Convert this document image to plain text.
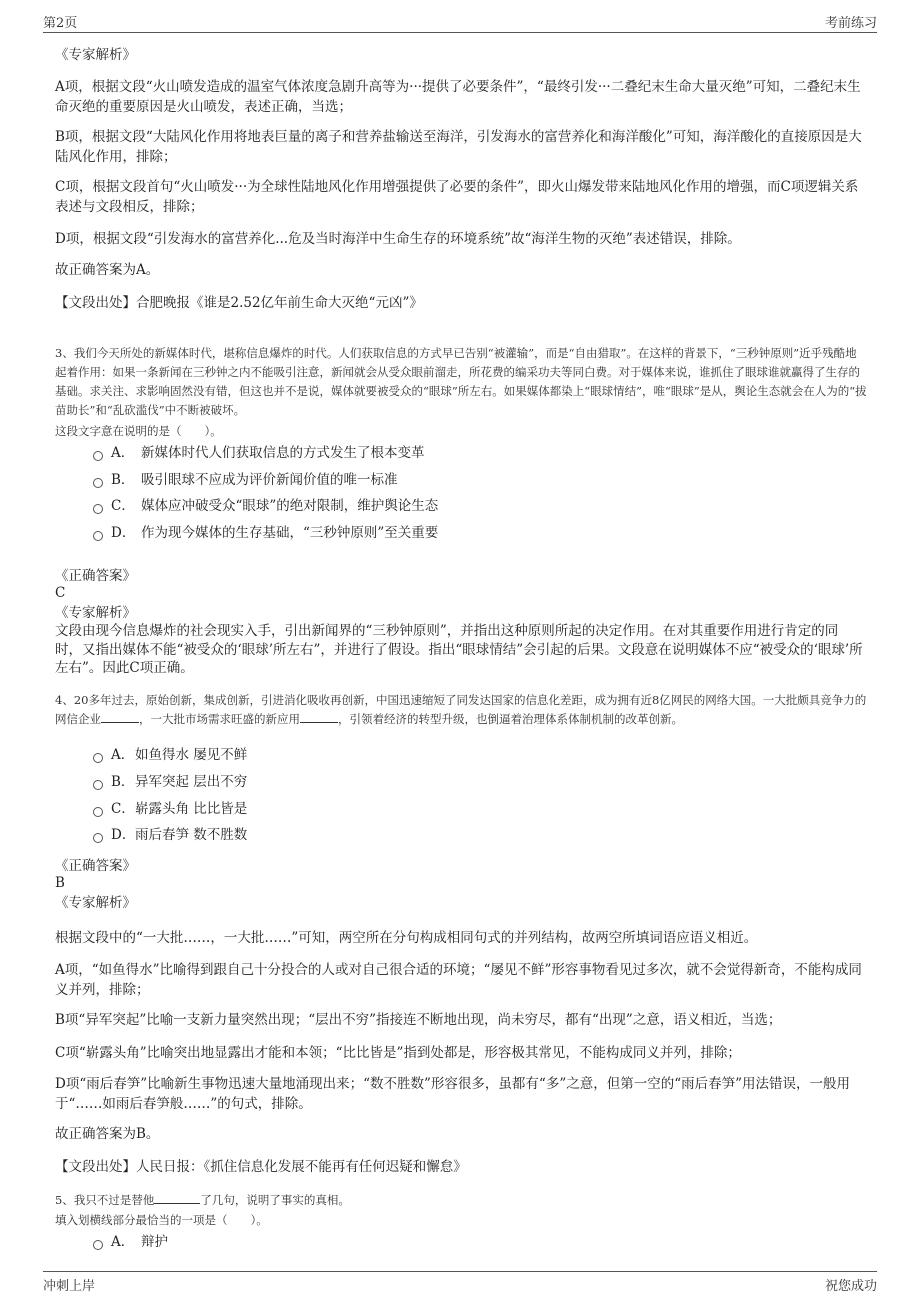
第2页	考前练习
《专家解析》
A项，根据文段“火山喷发造成的温室气体浓度急剧升高等为···提供了必要条件”，“最终引发···二叠纪末生命大量灭绝”可知，二叠纪末生命灭绝的重要原因是火山喷发，表述正确，当选；
B项，根据文段“大陆风化作用将地表巨量的离子和营养盐输送至海洋，引发海水的富营养化和海洋酸化”可知，海洋酸化的直接原因是大陆风化作用，排除；
C项，根据文段首句“火山喷发···为全球性陆地风化作用增强提供了必要的条件”，即火山爆发带来陆地风化作用的增强，而C项逻辑关系表述与文段相反，排除；
D项，根据文段“引发海水的富营养化...危及当时海洋中生命生存的环境系统”故“海洋生物的灭绝”表述错误，排除。
故正确答案为A。
【文段出处】合肥晚报《谁是2.52亿年前生命大灭绝“元凶”》
3、我们今天所处的新媒体时代，堪称信息爆炸的时代。人们获取信息的方式早已告别“被灌输”，而是“自由猎取”。在这样的背景下，“三秒钟原则”近乎残酷地起着作用：如果一条新闻在三秒钟之内不能吸引注意，新闻就会从受众眼前溜走，所花费的编采功夫等同白费。对于媒体来说，谁抓住了眼球谁就赢得了生存的基础。求关注、求影响固然没有错，但这也并不是说，媒体就要被受众的“眼球”所左右。如果媒体都染上“眼球情结”，唯“眼球”是从，舆论生态就会在人为的“拔苗助长”和“乱砍滥伐”中不断被破坏。
这段文字意在说明的是（　　）。
A． 新媒体时代人们获取信息的方式发生了根本变革
B． 吸引眼球不应成为评价新闻价值的唯一标准
C． 媒体应冲破受众“眼球”的绝对限制，维护舆论生态
D． 作为现今媒体的生存基础，“三秒钟原则”至关重要
《正确答案》
C
《专家解析》
文段由现今信息爆炸的社会现实入手，引出新闻界的“三秒钟原则”，并指出这种原则所起的决定作用。在对其重要作用进行肯定的同时，又指出媒体不能“被受众的‘眼球’所左右”，并进行了假设。指出“眼球情结”会引起的后果。文段意在说明媒体不应“被受众的‘眼球’所左右”。因此C项正确。
4、20多年过去，原始创新，集成创新，引进消化吸收再创新，中国迅速缩短了同发达国家的信息化差距，成为拥有近8亿网民的网络大国。一大批颇具竞争力的网信企业	，一大批市场需求旺盛的新应用	，引领着经济的转型升级，也倒逼着治理体系体制机制的改革创新。
A． 如鱼得水 屡见不鲜
B． 异军突起 层出不穷
C． 崭露头角 比比皆是
D． 雨后春笋 数不胜数
《正确答案》
B
《专家解析》
根据文段中的“一大批……，一大批……”可知，两空所在分句构成相同句式的并列结构，故两空所填词语应语义相近。
A项，“如鱼得水”比喻得到跟自己十分投合的人或对自己很合适的环境；“屡见不鲜”形容事物看见过多次，就不会觉得新奇，不能构成同义并列，排除；
B项“异军突起”比喻一支新力量突然出现；“层出不穷”指接连不断地出现，尚未穷尽，都有“出现”之意，语义相近，当选；
C项“崭露头角”比喻突出地显露出才能和本领；“比比皆是”指到处都是，形容极其常见，不能构成同义并列，排除；
D项“雨后春笋”比喻新生事物迅速大量地涌现出来；“数不胜数”形容很多，虽都有“多”之意，但第一空的“雨后春笋”用法错误，一般用于“……如雨后春笋般……”的句式，排除。
故正确答案为B。
【文段出处】人民日报：《抓住信息化发展不能再有任何迟疑和懈怠》
5、我只不过是替他	了几句，说明了事实的真相。
填入划横线部分最恰当的一项是（　　）。
A． 辩护
冲刺上岸	祝您成功
